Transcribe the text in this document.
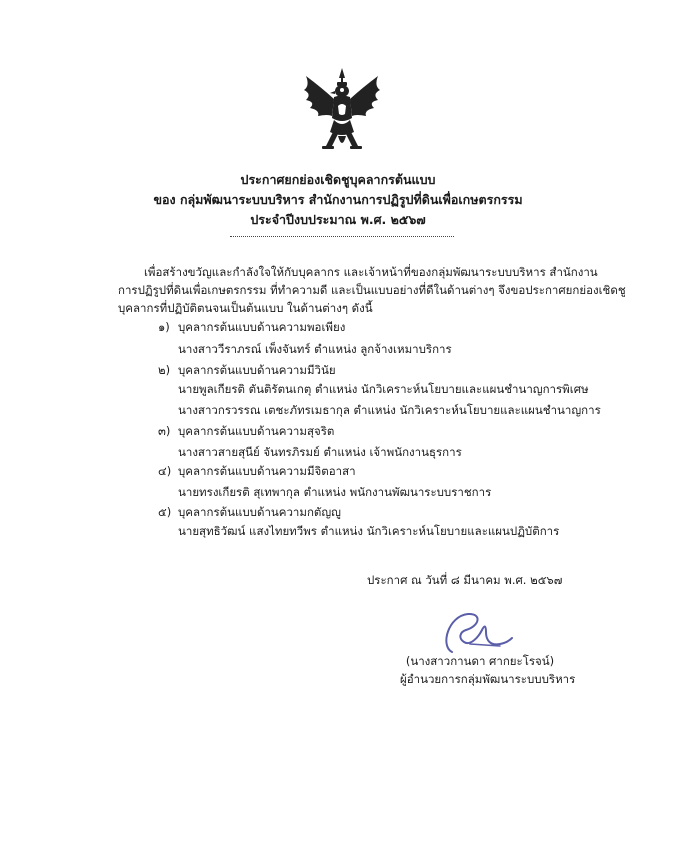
ประกาศยกย่องเชิดชูบุคลากรต้นแบบ
ของ กลุ่มพัฒนาระบบบริหาร สำนักงานการปฏิรูปที่ดินเพื่อเกษตรกรรม
ประจำปีงบประมาณ พ.ศ. ๒๕๖๗
เพื่อสร้างขวัญและกำลังใจให้กับบุคลากร และเจ้าหน้าที่ของกลุ่มพัฒนาระบบบริหาร สำนักงาน
การปฏิรูปที่ดินเพื่อเกษตรกรรม ที่ทำความดี และเป็นแบบอย่างที่ดีในด้านต่างๆ จึงขอประกาศยกย่องเชิดชู
บุคลากรที่ปฏิบัติตนจนเป็นต้นแบบ ในด้านต่างๆ ดังนี้
๑) บุคลากรต้นแบบด้านความพอเพียง
นางสาววีราภรณ์ เพ็งจันทร์ ตำแหน่ง ลูกจ้างเหมาบริการ
๒) บุคลากรต้นแบบด้านความมีวินัย
นายพูลเกียรติ ตันติรัตนเกตุ ตำแหน่ง นักวิเคราะห์นโยบายและแผนชำนาญการพิเศษ
นางสาวกรวรรณ เตชะภัทรเมธากุล ตำแหน่ง นักวิเคราะห์นโยบายและแผนชำนาญการ
๓) บุคลากรต้นแบบด้านความสุจริต
นางสาวสายสุนีย์ จันทรภิรมย์ ตำแหน่ง เจ้าพนักงานธุรการ
๔) บุคลากรต้นแบบด้านความมีจิตอาสา
นายทรงเกียรติ สุเทพากุล ตำแหน่ง พนักงานพัฒนาระบบราชการ
๕) บุคลากรต้นแบบด้านความกตัญญู
นายสุทธิวัฒน์ แสงไทยทวีพร ตำแหน่ง นักวิเคราะห์นโยบายและแผนปฏิบัติการ
ประกาศ ณ วันที่ ๘ มีนาคม พ.ศ. ๒๕๖๗
(นางสาวกานดา ศากยะโรจน์)
ผู้อำนวยการกลุ่มพัฒนาระบบบริหาร
